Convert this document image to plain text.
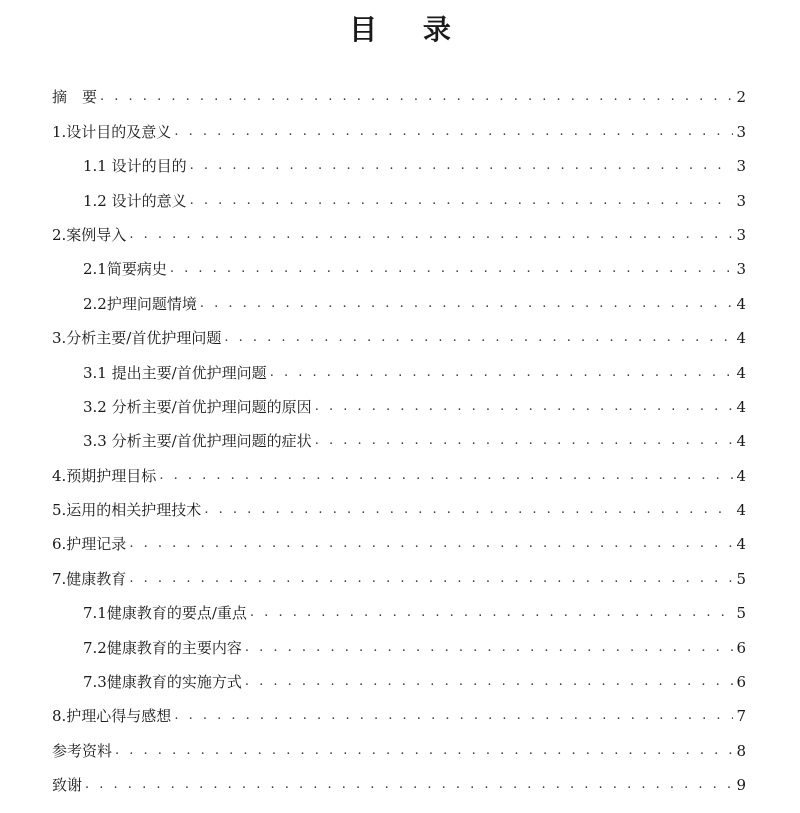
目 录
摘　要 . . .	2
1.设计目的及意义 . . .	3
1.1 设计的目的 . . .	3
1.2 设计的意义 . . .	3
2.案例导入 . . .	3
2.1简要病史 . . .	3
2.2护理问题情境 . . .	4
3.分析主要/首优护理问题 . . .	4
3.1 提出主要/首优护理问题 . . .	4
3.2 分析主要/首优护理问题的原因 . . .	4
3.3 分析主要/首优护理问题的症状 . . .	4
4.预期护理目标 . . .	4
5.运用的相关护理技术 . . .	4
6.护理记录 . . .	4
7.健康教育 . . .	5
7.1健康教育的要点/重点 . . .	5
7.2健康教育的主要内容 . . .	6
7.3健康教育的实施方式 . . .	6
8.护理心得与感想 . . .	7
参考资料 . . .	8
致谢 . . .	9
